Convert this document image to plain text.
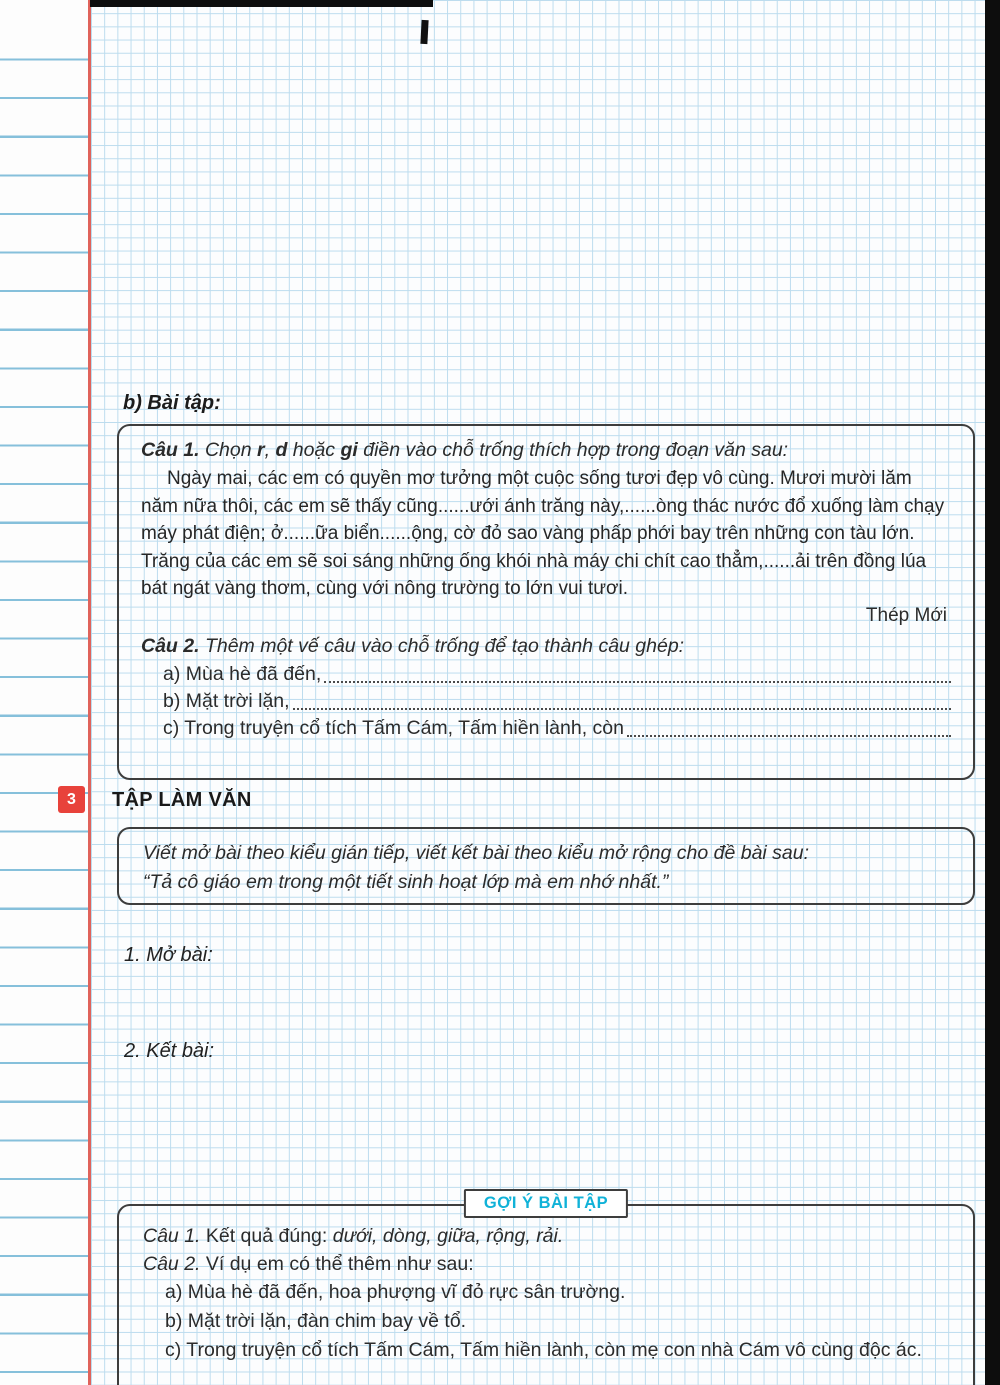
b) Bài tập:

Câu 1. Chọn r, d hoặc gi điền vào chỗ trống thích hợp trong đoạn văn sau:

Ngày mai, các em có quyền mơ tưởng một cuộc sống tươi đẹp vô cùng. Mươi mười lăm năm nữa thôi, các em sẽ thấy cũng......ưới ánh trăng này,......òng thác nước đổ xuống làm chạy máy phát điện; ở......ữa biển......ộng, cờ đỏ sao vàng phấp phới bay trên những con tàu lớn. Trăng của các em sẽ soi sáng những ống khói nhà máy chi chít cao thẳm,......ải trên đồng lúa bát ngát vàng thơm, cùng với nông trường to lớn vui tươi.

Thép Mới

Câu 2. Thêm một vế câu vào chỗ trống để tạo thành câu ghép:

a) Mùa hè đã đến,
b) Mặt trời lặn,
c) Trong truyện cổ tích Tấm Cám, Tấm hiền lành, còn
3	TẬP LÀM VĂN

Viết mở bài theo kiểu gián tiếp, viết kết bài theo kiểu mở rộng cho đề bài sau:

“Tả cô giáo em trong một tiết sinh hoạt lớp mà em nhớ nhất.”

1. Mở bài:
2. Kết bài:
GỢI Ý BÀI TẬP

Câu 1. Kết quả đúng: dưới, dòng, giữa, rộng, rải.

Câu 2. Ví dụ em có thể thêm như sau:

a) Mùa hè đã đến, hoa phượng vĩ đỏ rực sân trường.

b) Mặt trời lặn, đàn chim bay về tổ.

c) Trong truyện cổ tích Tấm Cám, Tấm hiền lành, còn mẹ con nhà Cám vô cùng độc ác.
